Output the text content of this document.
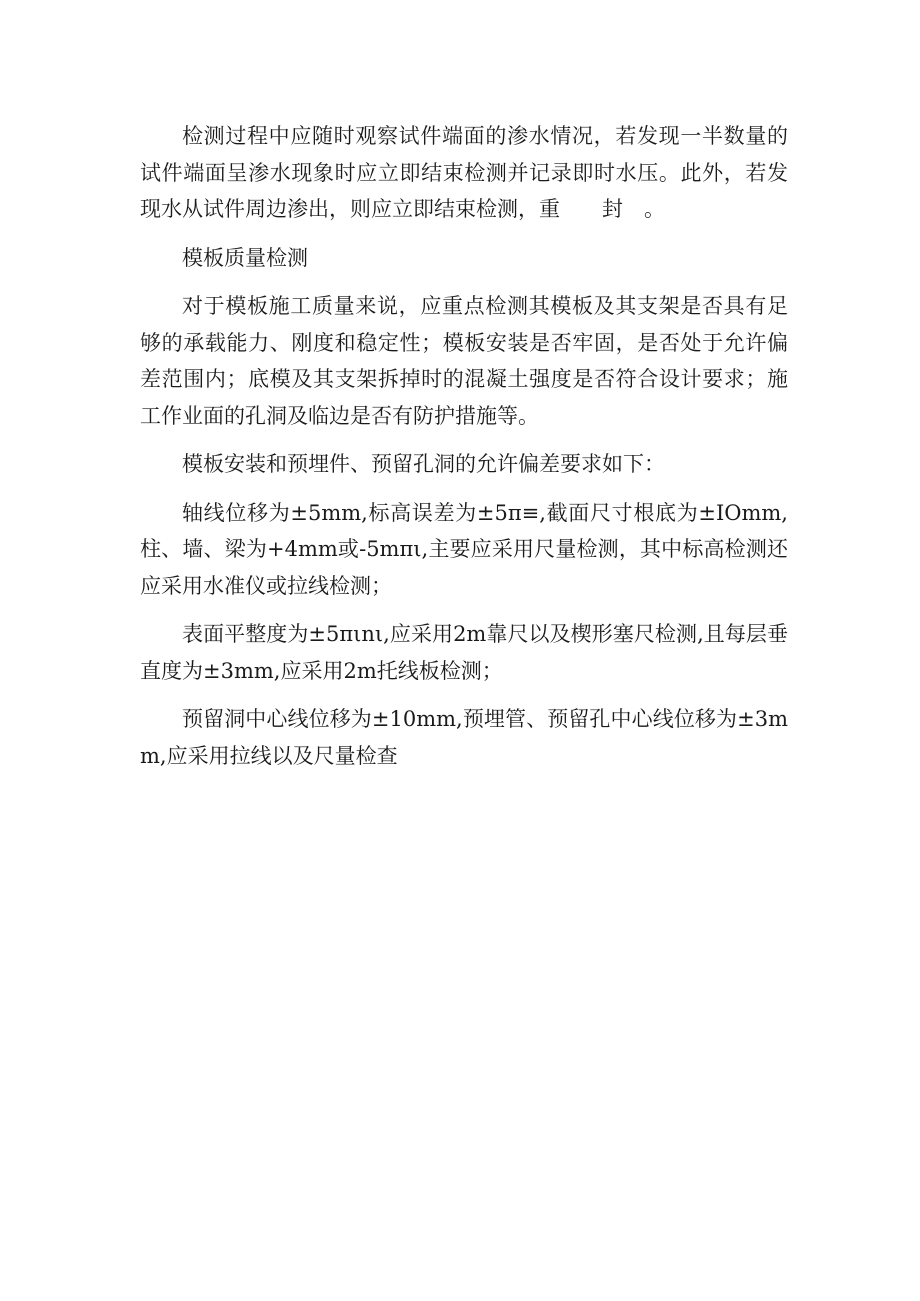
检测过程中应随时观察试件端面的渗水情况，若发现一半数量的试件端面呈渗水现象时应立即结束检测并记录即时水压。此外，若发现水从试件周边渗出，则应立即结束检测，重　　封　。

模板质量检测

对于模板施工质量来说，应重点检测其模板及其支架是否具有足够的承载能力、刚度和稳定性；模板安装是否牢固，是否处于允许偏差范围内；底模及其支架拆掉时的混凝土强度是否符合设计要求；施工作业面的孔洞及临边是否有防护措施等。

模板安装和预埋件、预留孔洞的允许偏差要求如下：

轴线位移为±5mm,标高误差为±5π≡,截面尺寸根底为±IOmm,柱、墙、梁为+4mm或-5mπι,主要应采用尺量检测，其中标高检测还应采用水准仪或拉线检测；

表面平整度为±5πιnι,应采用2m靠尺以及楔形塞尺检测,且每层垂直度为±3mm,应采用2m托线板检测；

预留洞中心线位移为±10mm,预埋管、预留孔中心线位移为±3mm,应采用拉线以及尺量检查
